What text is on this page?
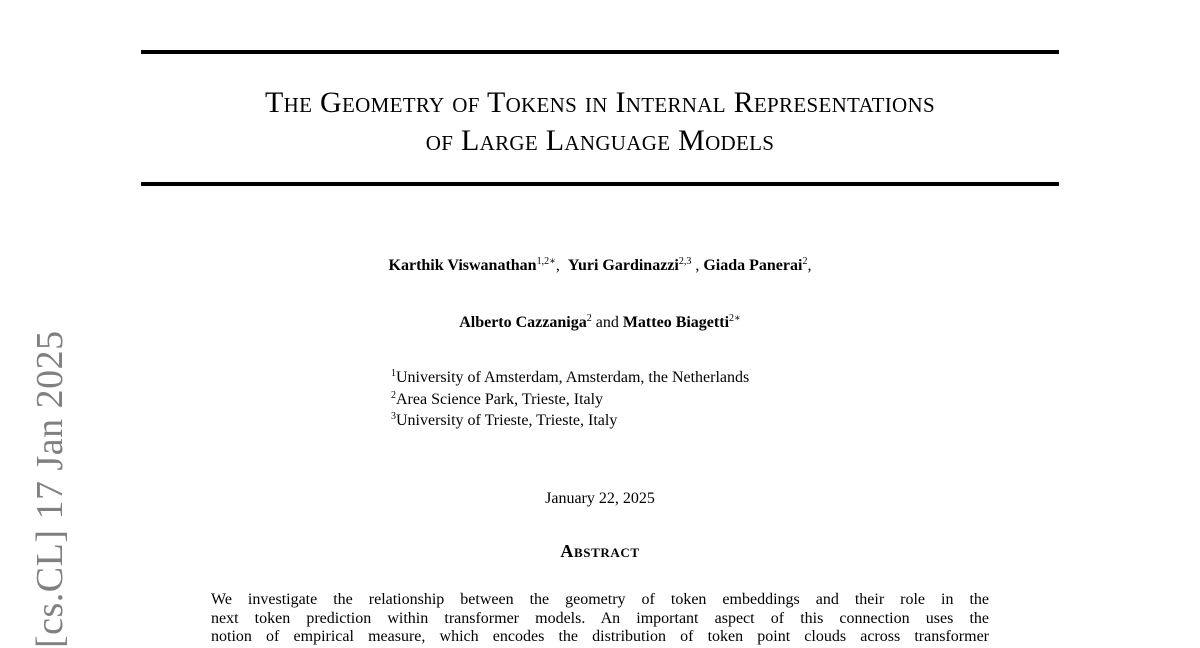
[cs.CL] 17 Jan 2025
The Geometry of Tokens in Internal Representations
of Large Language Models
Karthik Viswanathan$^{1,2∗}$,  Yuri Gardinazzi$^{2,3}$ , Giada Panerai$^2$,
Alberto Cazzaniga$^2$ and Matteo Biagetti$^{2∗}$
$^1$University of Amsterdam, Amsterdam, the Netherlands
$^2$Area Science Park, Trieste, Italy
$^3$University of Trieste, Trieste, Italy
January 22, 2025
Abstract
We investigate the relationship between the geometry of token embeddings and their role in the
next token prediction within transformer models. An important aspect of this connection uses the
notion of empirical measure, which encodes the distribution of token point clouds across transformer
